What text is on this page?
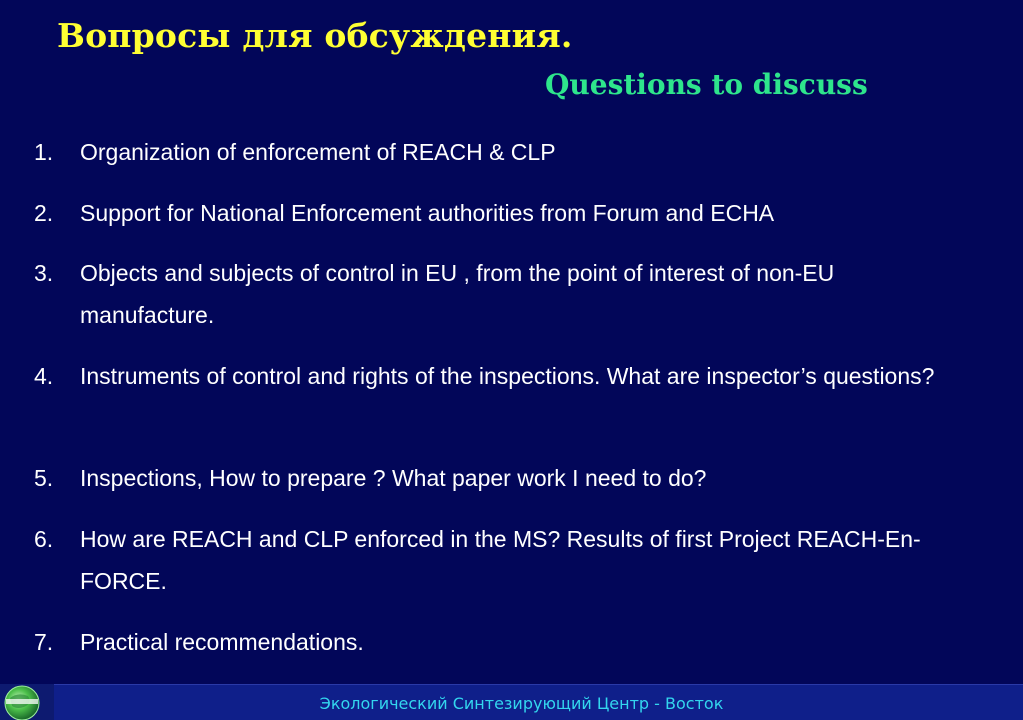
Вопросы для обсуждения.
Questions to discuss
1. Organization of enforcement of REACH & CLP
2. Support for National Enforcement authorities from Forum and ECHA
3. Objects and subjects of control in EU , from the point of interest of non-EU manufacture.
4. Instruments of control and rights of the inspections. What are inspector’s questions?
5. Inspections, How to prepare ? What paper work I need to do?
6. How are REACH and CLP enforced in the MS? Results of first Project REACH-En-FORCE.
7. Practical recommendations.
Экологический Синтезирующий Центр - Восток
